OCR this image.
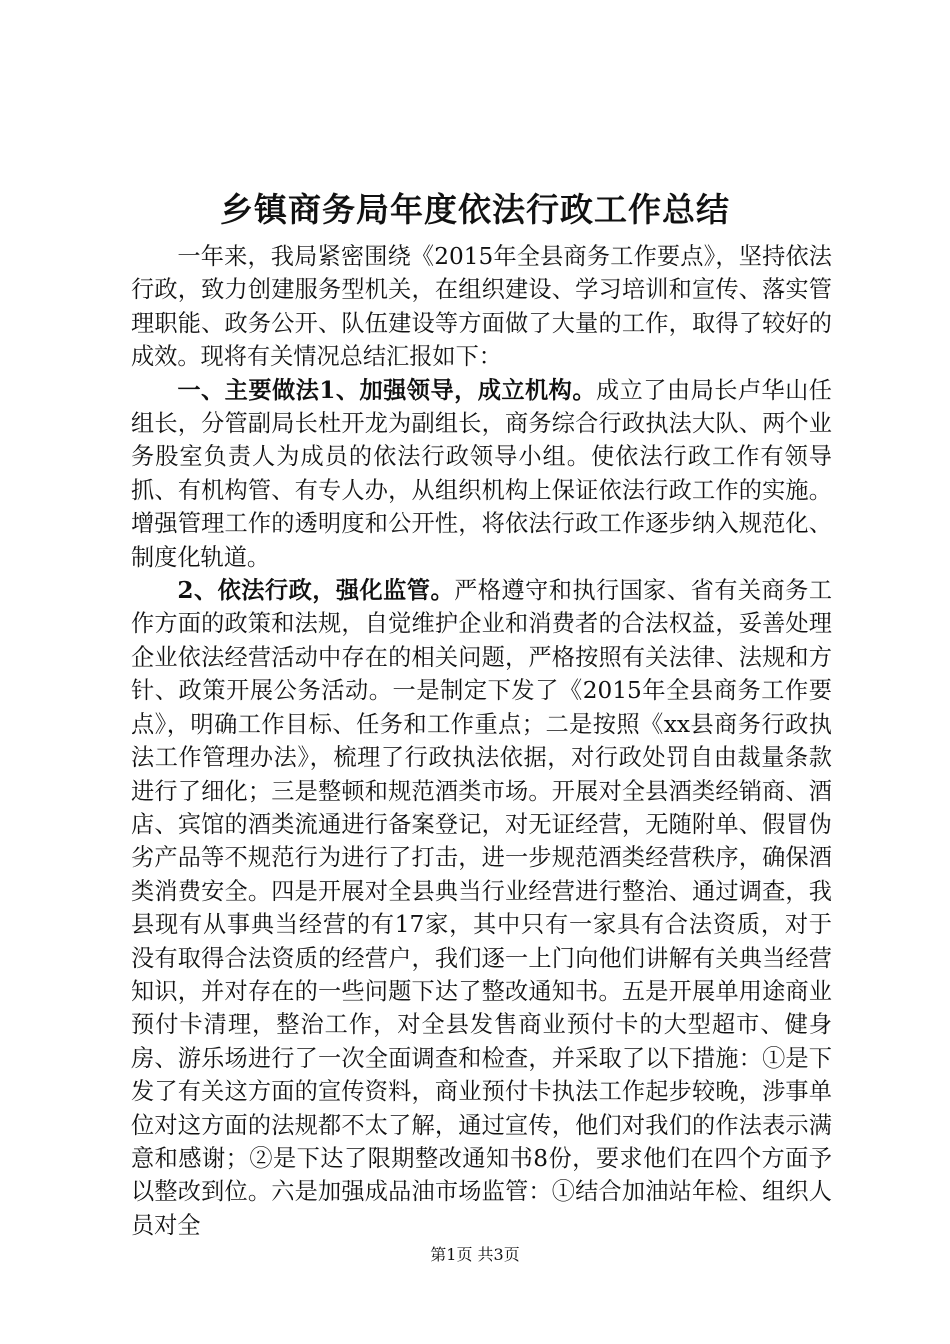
乡镇商务局年度依法行政工作总结

一年来，我局紧密围绕《2015年全县商务工作要点》，坚持依法行政，致力创建服务型机关，在组织建设、学习培训和宣传、落实管理职能、政务公开、队伍建设等方面做了大量的工作，取得了较好的成效。现将有关情况总结汇报如下：

一、主要做法1、加强领导，成立机构。成立了由局长卢华山任组长，分管副局长杜开龙为副组长，商务综合行政执法大队、两个业务股室负责人为成员的依法行政领导小组。使依法行政工作有领导抓、有机构管、有专人办，从组织机构上保证依法行政工作的实施。增强管理工作的透明度和公开性，将依法行政工作逐步纳入规范化、制度化轨道。

2、依法行政，强化监管。严格遵守和执行国家、省有关商务工作方面的政策和法规，自觉维护企业和消费者的合法权益，妥善处理企业依法经营活动中存在的相关问题，严格按照有关法律、法规和方针、政策开展公务活动。一是制定下发了《2015年全县商务工作要点》，明确工作目标、任务和工作重点；二是按照《xx县商务行政执法工作管理办法》，梳理了行政执法依据，对行政处罚自由裁量条款进行了细化；三是整顿和规范酒类市场。开展对全县酒类经销商、酒店、宾馆的酒类流通进行备案登记，对无证经营，无随附单、假冒伪劣产品等不规范行为进行了打击，进一步规范酒类经营秩序，确保酒类消费安全。四是开展对全县典当行业经营进行整治、通过调查，我县现有从事典当经营的有17家，其中只有一家具有合法资质，对于没有取得合法资质的经营户，我们逐一上门向他们讲解有关典当经营知识，并对存在的一些问题下达了整改通知书。五是开展单用途商业预付卡清理，整治工作，对全县发售商业预付卡的大型超市、健身房、游乐场进行了一次全面调查和检查，并采取了以下措施：①是下发了有关这方面的宣传资料，商业预付卡执法工作起步较晚，涉事单位对这方面的法规都不太了解，通过宣传，他们对我们的作法表示满意和感谢；②是下达了限期整改通知书8份，要求他们在四个方面予以整改到位。六是加强成品油市场监管：①结合加油站年检、组织人员对全

第1页 共3页
